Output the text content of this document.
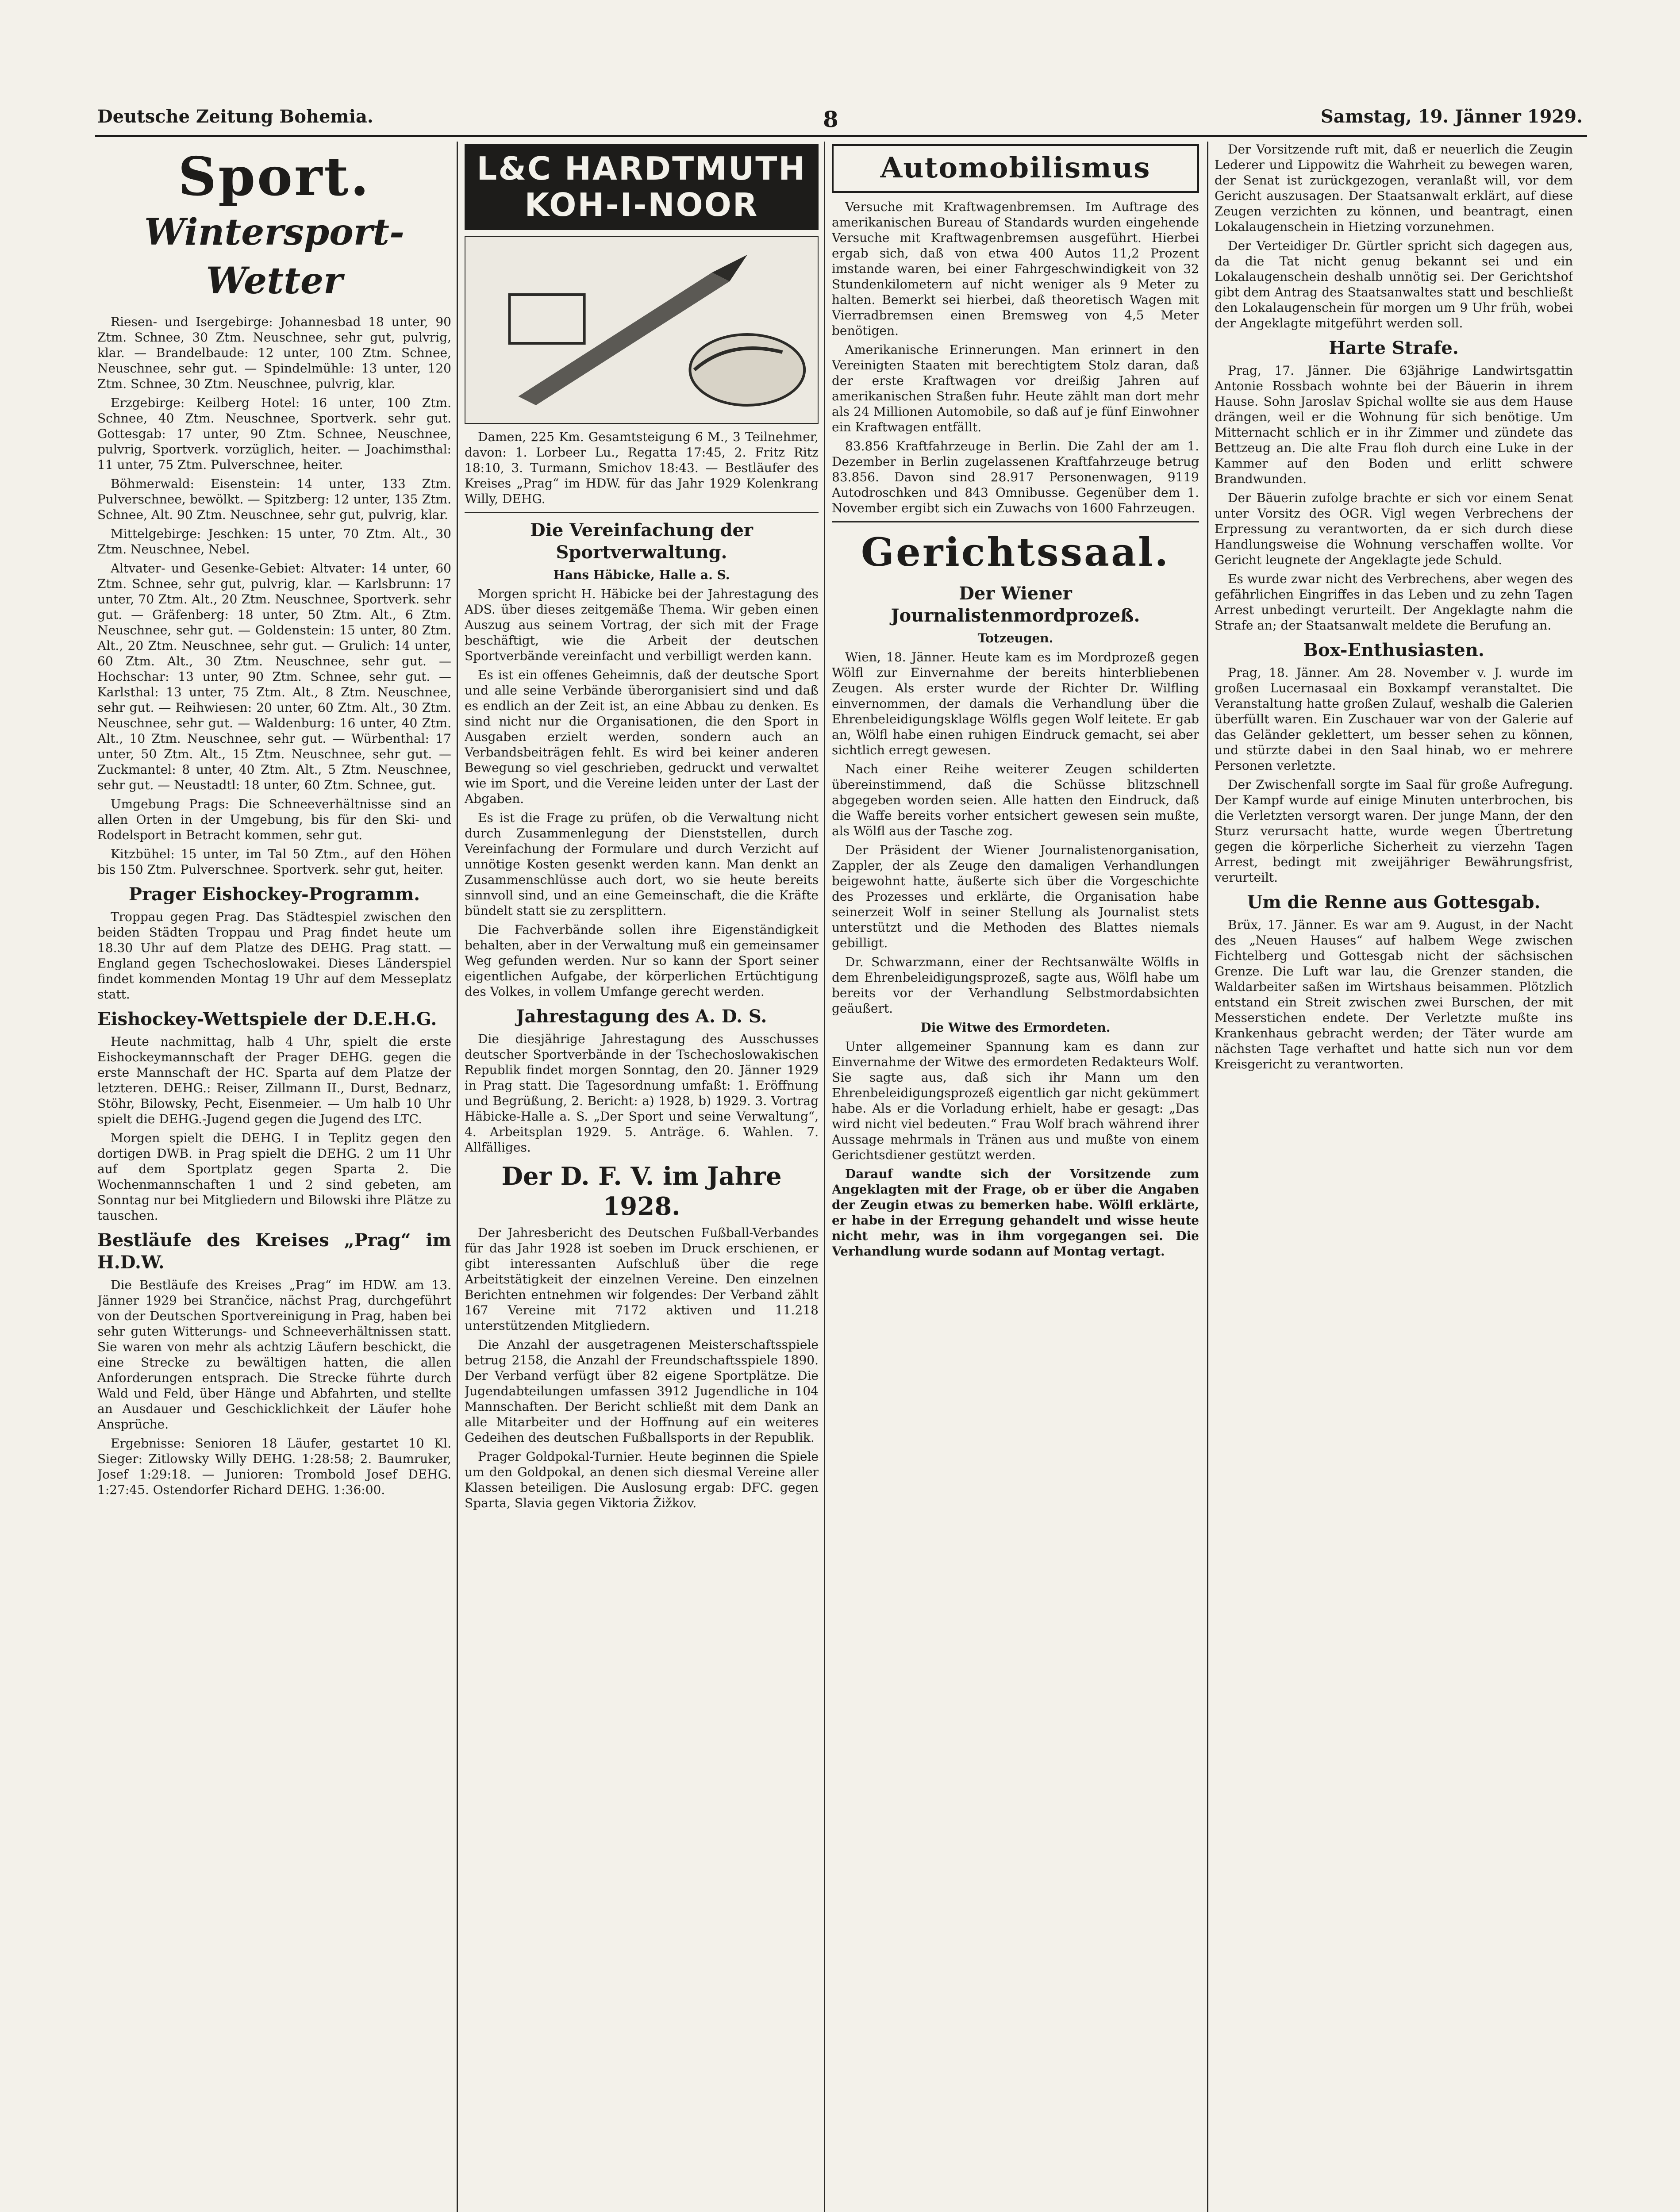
Deutsche Zeitung Bohemia.	8	Samstag, 19. Jänner 1929.
Sport.
Wintersport-Wetter

Riesen- und Isergebirge: Johannesbad 18 unter, 90 Ztm. Schnee, 30 Ztm. Neuschnee, sehr gut, pulvrig, klar. — Brandelbaude: 12 unter, 100 Ztm. Schnee, Neuschnee, sehr gut. — Spindelmühle: 13 unter, 120 Ztm. Schnee, 30 Ztm. Neuschnee, pulvrig, klar.

Erzgebirge: Keilberg Hotel: 16 unter, 100 Ztm. Schnee, 40 Ztm. Neuschnee, Sportverk. sehr gut. Gottesgab: 17 unter, 90 Ztm. Schnee, Neuschnee, pulvrig, Sportverk. vorzüglich, heiter. — Joachimsthal: 11 unter, 75 Ztm. Pulverschnee, heiter.

Böhmerwald: Eisenstein: 14 unter, 133 Ztm. Pulverschnee, bewölkt. — Spitzberg: 12 unter, 135 Ztm. Schnee, Alt. 90 Ztm. Neuschnee, sehr gut, pulvrig, klar.

Mittelgebirge: Jeschken: 15 unter, 70 Ztm. Alt., 30 Ztm. Neuschnee, Nebel.

Altvater- und Gesenke-Gebiet: Altvater: 14 unter, 60 Ztm. Schnee, sehr gut, pulvrig, klar. — Karlsbrunn: 17 unter, 70 Ztm. Alt., 20 Ztm. Neuschnee, Sportverk. sehr gut. — Gräfenberg: 18 unter, 50 Ztm. Alt., 6 Ztm. Neuschnee, sehr gut. — Goldenstein: 15 unter, 80 Ztm. Alt., 20 Ztm. Neuschnee, sehr gut. — Grulich: 14 unter, 60 Ztm. Alt., 30 Ztm. Neuschnee, sehr gut. — Hochschar: 13 unter, 90 Ztm. Schnee, sehr gut. — Karlsthal: 13 unter, 75 Ztm. Alt., 8 Ztm. Neuschnee, sehr gut. — Reihwiesen: 20 unter, 60 Ztm. Alt., 30 Ztm. Neuschnee, sehr gut. — Waldenburg: 16 unter, 40 Ztm. Alt., 10 Ztm. Neuschnee, sehr gut. — Würbenthal: 17 unter, 50 Ztm. Alt., 15 Ztm. Neuschnee, sehr gut. — Zuckmantel: 8 unter, 40 Ztm. Alt., 5 Ztm. Neuschnee, sehr gut. — Neustadtl: 18 unter, 60 Ztm. Schnee, gut.

Umgebung Prags: Die Schneeverhältnisse sind an allen Orten in der Umgebung, bis für den Ski- und Rodelsport in Betracht kommen, sehr gut.

Kitzbühel: 15 unter, im Tal 50 Ztm., auf den Höhen bis 150 Ztm. Pulverschnee. Sportverk. sehr gut, heiter.

Prager Eishockey-Programm.

Troppau gegen Prag. Das Städtespiel zwischen den beiden Städten Troppau und Prag findet heute um 18.30 Uhr auf dem Platze des DEHG. Prag statt. — England gegen Tschechoslowakei. Dieses Länderspiel findet kommenden Montag 19 Uhr auf dem Messeplatz statt.

Eishockey-Wettspiele der D.E.H.G.

Heute nachmittag, halb 4 Uhr, spielt die erste Eishockeymannschaft der Prager DEHG. gegen die erste Mannschaft der HC. Sparta auf dem Platze der letzteren. DEHG.: Reiser, Zillmann II., Durst, Bednarz, Stöhr, Bilowsky, Pecht, Eisenmeier. — Um halb 10 Uhr spielt die DEHG.-Jugend gegen die Jugend des LTC.

Morgen spielt die DEHG. I in Teplitz gegen den dortigen DWB. in Prag spielt die DEHG. 2 um 11 Uhr auf dem Sportplatz gegen Sparta 2. Die Wochenmannschaften 1 und 2 sind gebeten, am Sonntag nur bei Mitgliedern und Bilowski ihre Plätze zu tauschen.

Bestläufe des Kreises „Prag“ im H.D.W.

Die Bestläufe des Kreises „Prag“ im HDW. am 13. Jänner 1929 bei Strančice, nächst Prag, durchgeführt von der Deutschen Sportvereinigung in Prag, haben bei sehr guten Witterungs- und Schneeverhältnissen statt. Sie waren von mehr als achtzig Läufern beschickt, die eine Strecke zu bewältigen hatten, die allen Anforderungen entsprach. Die Strecke führte durch Wald und Feld, über Hänge und Abfahrten, und stellte an Ausdauer und Geschicklichkeit der Läufer hohe Ansprüche.

Ergebnisse: Senioren 18 Läufer, gestartet 10 Kl. Sieger: Zitlowsky Willy DEHG. 1:28:58; 2. Baumruker, Josef 1:29:18. — Junioren: Trombold Josef DEHG. 1:27:45. Ostendorfer Richard DEHG. 1:36:00.

L&C HARDTMUTH KOH-I-NOOR

Damen, 225 Km. Gesamtsteigung 6 M., 3 Teilnehmer, davon: 1. Lorbeer Lu., Regatta 17:45, 2. Fritz Ritz 18:10, 3. Turmann, Smichov 18:43. — Bestläufer des Kreises „Prag“ im HDW. für das Jahr 1929 Kolenkrang Willy, DEHG.

Die Vereinfachung der Sportverwaltung.
Hans Häbicke, Halle a. S.

Morgen spricht H. Häbicke bei der Jahrestagung des ADS. über dieses zeitgemäße Thema. Wir geben einen Auszug aus seinem Vortrag, der sich mit der Frage beschäftigt, wie die Arbeit der deutschen Sportverbände vereinfacht und verbilligt werden kann.

Es ist ein offenes Geheimnis, daß der deutsche Sport und alle seine Verbände überorganisiert sind und daß es endlich an der Zeit ist, an eine Abbau zu denken. Es sind nicht nur die Organisationen, die den Sport in Ausgaben erzielt werden, sondern auch an Verbandsbeiträgen fehlt. Es wird bei keiner anderen Bewegung so viel geschrieben, gedruckt und verwaltet wie im Sport, und die Vereine leiden unter der Last der Abgaben.

Es ist die Frage zu prüfen, ob die Verwaltung nicht durch Zusammenlegung der Dienststellen, durch Vereinfachung der Formulare und durch Verzicht auf unnötige Kosten gesenkt werden kann. Man denkt an Zusammenschlüsse auch dort, wo sie heute bereits sinnvoll sind, und an eine Gemeinschaft, die die Kräfte bündelt statt sie zu zersplittern.

Die Fachverbände sollen ihre Eigenständigkeit behalten, aber in der Verwaltung muß ein gemeinsamer Weg gefunden werden. Nur so kann der Sport seiner eigentlichen Aufgabe, der körperlichen Ertüchtigung des Volkes, in vollem Umfange gerecht werden.

Jahrestagung des A. D. S.

Die diesjährige Jahrestagung des Ausschusses deutscher Sportverbände in der Tschechoslowakischen Republik findet morgen Sonntag, den 20. Jänner 1929 in Prag statt. Die Tagesordnung umfaßt: 1. Eröffnung und Begrüßung, 2. Bericht: a) 1928, b) 1929. 3. Vortrag Häbicke-Halle a. S. „Der Sport und seine Verwaltung“, 4. Arbeitsplan 1929. 5. Anträge. 6. Wahlen. 7. Allfälliges.

Der D. F. V. im Jahre 1928.

Der Jahresbericht des Deutschen Fußball-Verbandes für das Jahr 1928 ist soeben im Druck erschienen, er gibt interessanten Aufschluß über die rege Arbeitstätigkeit der einzelnen Vereine. Den einzelnen Berichten entnehmen wir folgendes: Der Verband zählt 167 Vereine mit 7172 aktiven und 11.218 unterstützenden Mitgliedern.

Die Anzahl der ausgetragenen Meisterschaftsspiele betrug 2158, die Anzahl der Freundschaftsspiele 1890. Der Verband verfügt über 82 eigene Sportplätze. Die Jugendabteilungen umfassen 3912 Jugendliche in 104 Mannschaften. Der Bericht schließt mit dem Dank an alle Mitarbeiter und der Hoffnung auf ein weiteres Gedeihen des deutschen Fußballsports in der Republik.

Prager Goldpokal-Turnier. Heute beginnen die Spiele um den Goldpokal, an denen sich diesmal Vereine aller Klassen beteiligen. Die Auslosung ergab: DFC. gegen Sparta, Slavia gegen Viktoria Žižkov.

Automobilismus

Versuche mit Kraftwagenbremsen. Im Auftrage des amerikanischen Bureau of Standards wurden eingehende Versuche mit Kraftwagenbremsen ausgeführt. Hierbei ergab sich, daß von etwa 400 Autos 11,2 Prozent imstande waren, bei einer Fahrgeschwindigkeit von 32 Stundenkilometern auf nicht weniger als 9 Meter zu halten. Bemerkt sei hierbei, daß theoretisch Wagen mit Vierradbremsen einen Bremsweg von 4,5 Meter benötigen.

Amerikanische Erinnerungen. Man erinnert in den Vereinigten Staaten mit berechtigtem Stolz daran, daß der erste Kraftwagen vor dreißig Jahren auf amerikanischen Straßen fuhr. Heute zählt man dort mehr als 24 Millionen Automobile, so daß auf je fünf Einwohner ein Kraftwagen entfällt.

83.856 Kraftfahrzeuge in Berlin. Die Zahl der am 1. Dezember in Berlin zugelassenen Kraftfahrzeuge betrug 83.856. Davon sind 28.917 Personenwagen, 9119 Autodroschken und 843 Omnibusse. Gegenüber dem 1. November ergibt sich ein Zuwachs von 1600 Fahrzeugen.

Gerichtssaal.
Der Wiener Journalistenmordprozeß.
Totzeugen.

Wien, 18. Jänner. Heute kam es im Mordprozeß gegen Wölfl zur Einvernahme der bereits hinterbliebenen Zeugen. Als erster wurde der Richter Dr. Wilfling einvernommen, der damals die Verhandlung über die Ehrenbeleidigungsklage Wölfls gegen Wolf leitete. Er gab an, Wölfl habe einen ruhigen Eindruck gemacht, sei aber sichtlich erregt gewesen.

Nach einer Reihe weiterer Zeugen schilderten übereinstimmend, daß die Schüsse blitzschnell abgegeben worden seien. Alle hatten den Eindruck, daß die Waffe bereits vorher entsichert gewesen sein mußte, als Wölfl aus der Tasche zog.

Der Präsident der Wiener Journalistenorganisation, Zappler, der als Zeuge den damaligen Verhandlungen beigewohnt hatte, äußerte sich über die Vorgeschichte des Prozesses und erklärte, die Organisation habe seinerzeit Wolf in seiner Stellung als Journalist stets unterstützt und die Methoden des Blattes niemals gebilligt.

Dr. Schwarzmann, einer der Rechtsanwälte Wölfls in dem Ehrenbeleidigungsprozeß, sagte aus, Wölfl habe um bereits vor der Verhandlung Selbstmordabsichten geäußert.

Die Witwe des Ermordeten.

Unter allgemeiner Spannung kam es dann zur Einvernahme der Witwe des ermordeten Redakteurs Wolf. Sie sagte aus, daß sich ihr Mann um den Ehrenbeleidigungsprozeß eigentlich gar nicht gekümmert habe. Als er die Vorladung erhielt, habe er gesagt: „Das wird nicht viel bedeuten.“ Frau Wolf brach während ihrer Aussage mehrmals in Tränen aus und mußte von einem Gerichtsdiener gestützt werden.

Darauf wandte sich der Vorsitzende zum Angeklagten mit der Frage, ob er über die Angaben der Zeugin etwas zu bemerken habe. Wölfl erklärte, er habe in der Erregung gehandelt und wisse heute nicht mehr, was in ihm vorgegangen sei. Die Verhandlung wurde sodann auf Montag vertagt.

Der Vorsitzende ruft mit, daß er neuerlich die Zeugin Lederer und Lippowitz die Wahrheit zu bewegen waren, der Senat ist zurückgezogen, veranlaßt will, vor dem Gericht auszusagen. Der Staatsanwalt erklärt, auf diese Zeugen verzichten zu können, und beantragt, einen Lokalaugenschein in Hietzing vorzunehmen.

Der Verteidiger Dr. Gürtler spricht sich dagegen aus, da die Tat nicht genug bekannt sei und ein Lokalaugenschein deshalb unnötig sei. Der Gerichtshof gibt dem Antrag des Staatsanwaltes statt und beschließt den Lokalaugenschein für morgen um 9 Uhr früh, wobei der Angeklagte mitgeführt werden soll.

Harte Strafe.

Prag, 17. Jänner. Die 63jährige Landwirtsgattin Antonie Rossbach wohnte bei der Bäuerin in ihrem Hause. Sohn Jaroslav Spichal wollte sie aus dem Hause drängen, weil er die Wohnung für sich benötige. Um Mitternacht schlich er in ihr Zimmer und zündete das Bettzeug an. Die alte Frau floh durch eine Luke in der Kammer auf den Boden und erlitt schwere Brandwunden.

Der Bäuerin zufolge brachte er sich vor einem Senat unter Vorsitz des OGR. Vigl wegen Verbrechens der Erpressung zu verantworten, da er sich durch diese Handlungsweise die Wohnung verschaffen wollte. Vor Gericht leugnete der Angeklagte jede Schuld.

Es wurde zwar nicht des Verbrechens, aber wegen des gefährlichen Eingriffes in das Leben und zu zehn Tagen Arrest unbedingt verurteilt. Der Angeklagte nahm die Strafe an; der Staatsanwalt meldete die Berufung an.

Box-Enthusiasten.

Prag, 18. Jänner. Am 28. November v. J. wurde im großen Lucernasaal ein Boxkampf veranstaltet. Die Veranstaltung hatte großen Zulauf, weshalb die Galerien überfüllt waren. Ein Zuschauer war von der Galerie auf das Geländer geklettert, um besser sehen zu können, und stürzte dabei in den Saal hinab, wo er mehrere Personen verletzte.

Der Zwischenfall sorgte im Saal für große Aufregung. Der Kampf wurde auf einige Minuten unterbrochen, bis die Verletzten versorgt waren. Der junge Mann, der den Sturz verursacht hatte, wurde wegen Übertretung gegen die körperliche Sicherheit zu vierzehn Tagen Arrest, bedingt mit zweijähriger Bewährungsfrist, verurteilt.

Um die Renne aus Gottesgab.

Brüx, 17. Jänner. Es war am 9. August, in der Nacht des „Neuen Hauses“ auf halbem Wege zwischen Fichtelberg und Gottesgab nicht der sächsischen Grenze. Die Luft war lau, die Grenzer standen, die Waldarbeiter saßen im Wirtshaus beisammen. Plötzlich entstand ein Streit zwischen zwei Burschen, der mit Messerstichen endete. Der Verletzte mußte ins Krankenhaus gebracht werden; der Täter wurde am nächsten Tage verhaftet und hatte sich nun vor dem Kreisgericht zu verantworten.
